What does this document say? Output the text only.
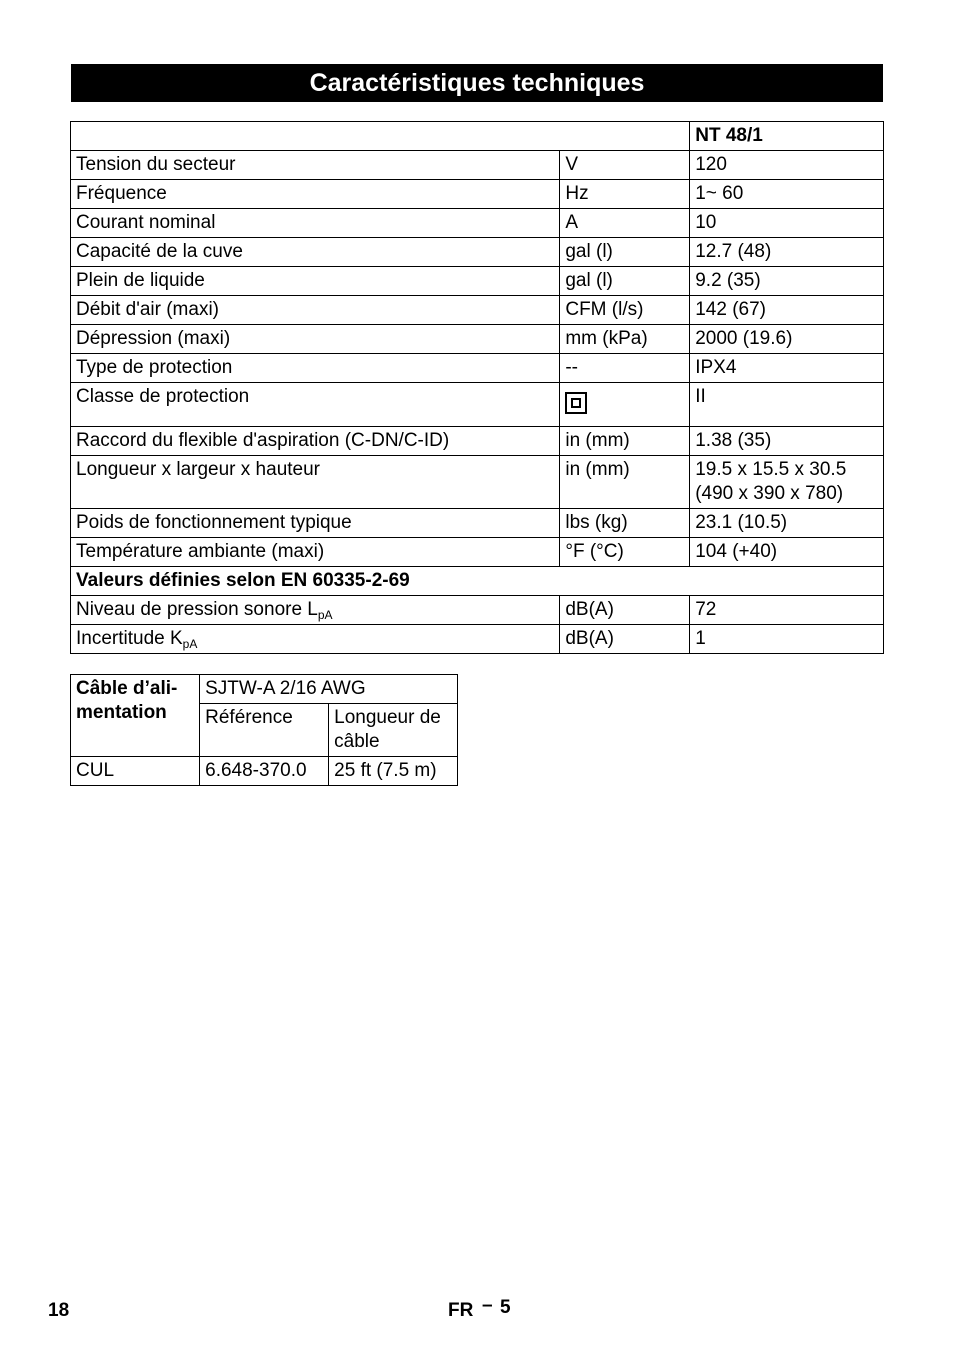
Caractéristiques techniques
		NT 48/1
Tension du secteur	V	120
Fréquence	Hz	1~ 60
Courant nominal	A	10
Capacité de la cuve	gal (l)	12.7 (48)
Plein de liquide	gal (l)	9.2 (35)
Débit d'air (maxi)	CFM (l/s)	142 (67)
Dépression (maxi)	mm (kPa)	2000 (19.6)
Type de protection	--	IPX4
Classe de protection		II
Raccord du flexible d'aspiration (C-DN/C-ID)	in (mm)	1.38 (35)
Longueur x largeur x hauteur	in (mm)	19.5 x 15.5 x 30.5
(490 x 390 x 780)

Poids de fonctionnement typique	lbs (kg)	23.1 (10.5)
Température ambiante (maxi)	°F (°C)	104 (+40)
Valeurs définies selon EN 60335-2-69		
Niveau de pression sonore $L_{pA}$	dB(A)	72
Incertitude $K_{pA}$	dB(A)	1
Câble d’ali-
mentation	SJTW-A 2/16 AWG	
	Référence	Longueur de
câble

CUL	6.648-370.0	25 ft (7.5 m)
18	FR – 5
